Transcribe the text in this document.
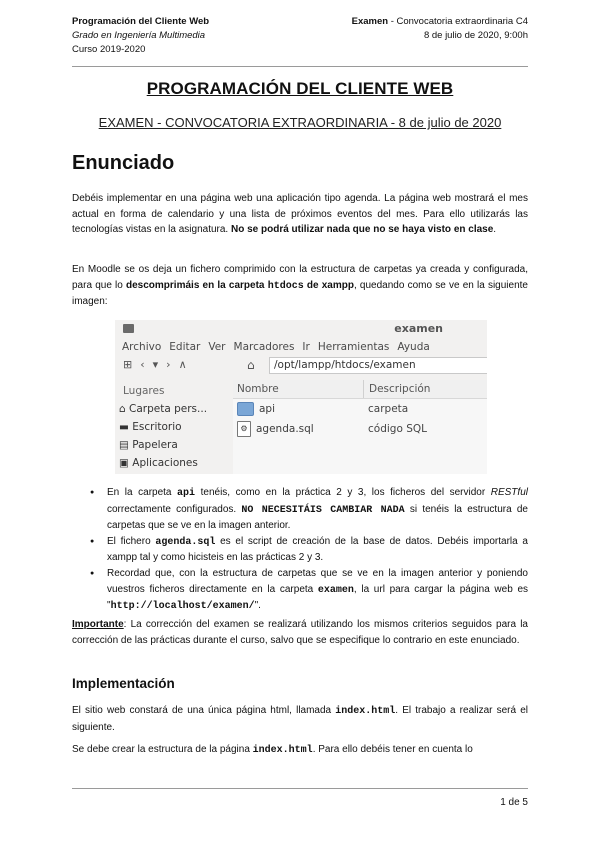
Programación del Cliente Web	Examen - Convocatoria extraordinaria C4
Grado en Ingeniería Multimedia	8 de julio de 2020, 9:00h
Curso 2019-2020
PROGRAMACIÓN DEL CLIENTE WEB
EXAMEN - CONVOCATORIA EXTRAORDINARIA - 8 de julio de 2020
Enunciado

Debéis implementar en una página web una aplicación tipo agenda. La página web mostrará el mes actual en forma de calendario y una lista de próximos eventos del mes. Para ello utilizarás las tecnologías vistas en la asignatura. No se podrá utilizar nada que no se haya visto en clase.

En Moodle se os deja un fichero comprimido con la estructura de carpetas ya creada y configurada, para que lo descomprimáis en la carpeta htdocs de xampp, quedando como se ve en la siguiente imagen:

examen
Archivo Editar Ver Marcadores Ir Herramientas Ayuda
⊞ ‹ ▾ › ∧	⌂	/opt/lampp/htdocs/examen
Lugares
⌂ Carpeta pers...
▬ Escritorio
▤ Papelera
▣ Aplicaciones
Nombre	Descripción
api	carpeta
⚙ agenda.sql	código SQL
● En la carpeta api tenéis, como en la práctica 2 y 3, los ficheros del servidor RESTful correctamente configurados. NO NECESITÁIS CAMBIAR NADA si tenéis la estructura de carpetas que se ve en la imagen anterior.
● El fichero agenda.sql es el script de creación de la base de datos. Debéis importarla a xampp tal y como hicisteis en las prácticas 2 y 3.
● Recordad que, con la estructura de carpetas que se ve en la imagen anterior y poniendo vuestros ficheros directamente en la carpeta examen, la url para cargar la página web es "http://localhost/examen/".

Importante: La corrección del examen se realizará utilizando los mismos criterios seguidos para la corrección de las prácticas durante el curso, salvo que se especifique lo contrario en este enunciado.

Implementación

El sitio web constará de una única página html, llamada index.html. El trabajo a realizar será el siguiente.

Se debe crear la estructura de la página index.html. Para ello debéis tener en cuenta lo

1 de 5
